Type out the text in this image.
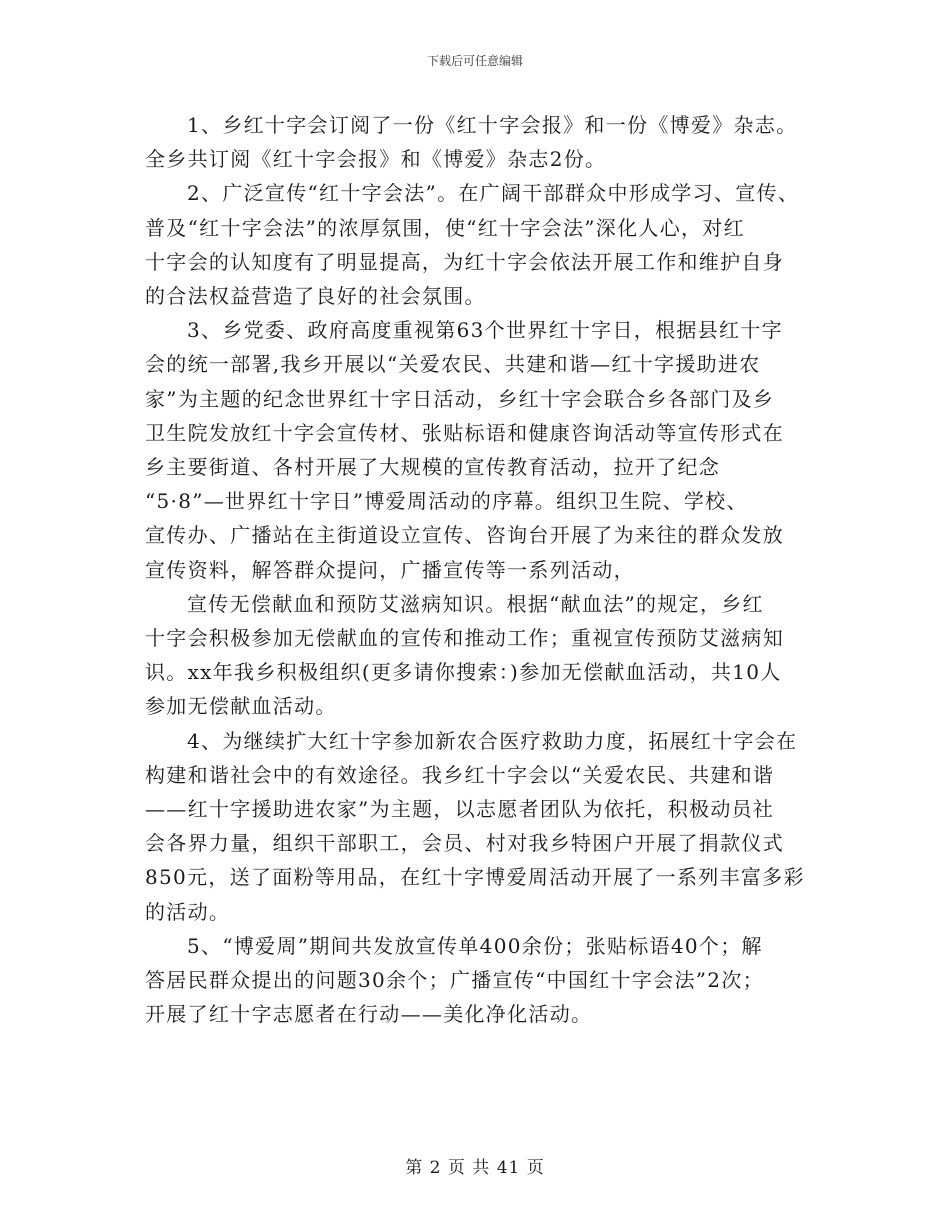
下载后可任意编辑
1、乡红十字会订阅了一份《红十字会报》和一份《博爱》杂志。
全乡共订阅《红十字会报》和《博爱》杂志2份。
2、广泛宣传“红十字会法”。在广阔干部群众中形成学习、宣传、
普及“红十字会法”的浓厚氛围，使“红十字会法”深化人心，对红
十字会的认知度有了明显提高，为红十字会依法开展工作和维护自身
的合法权益营造了良好的社会氛围。
3、乡党委、政府高度重视第63个世界红十字日，根据县红十字
会的统一部署,我乡开展以“关爱农民、共建和谐—红十字援助进农
家”为主题的纪念世界红十字日活动，乡红十字会联合乡各部门及乡
卫生院发放红十字会宣传材、张贴标语和健康咨询活动等宣传形式在
乡主要街道、各村开展了大规模的宣传教育活动，拉开了纪念
“5·8”—世界红十字日”博爱周活动的序幕。组织卫生院、学校、
宣传办、广播站在主街道设立宣传、咨询台开展了为来往的群众发放
宣传资料，解答群众提问，广播宣传等一系列活动，
宣传无偿献血和预防艾滋病知识。根据“献血法”的规定，乡红
十字会积极参加无偿献血的宣传和推动工作；重视宣传预防艾滋病知
识。xx年我乡积极组织(更多请你搜索：)参加无偿献血活动，共10人
参加无偿献血活动。
4、为继续扩大红十字参加新农合医疗救助力度，拓展红十字会在
构建和谐社会中的有效途径。我乡红十字会以“关爱农民、共建和谐
——红十字援助进农家”为主题，以志愿者团队为依托，积极动员社
会各界力量，组织干部职工，会员、村对我乡特困户开展了捐款仪式
850元，送了面粉等用品，在红十字博爱周活动开展了一系列丰富多彩
的活动。
5、“博爱周”期间共发放宣传单400余份；张贴标语40个；解
答居民群众提出的问题30余个；广播宣传“中国红十字会法”2次；
开展了红十字志愿者在行动——美化净化活动。
第 2 页 共 41 页
